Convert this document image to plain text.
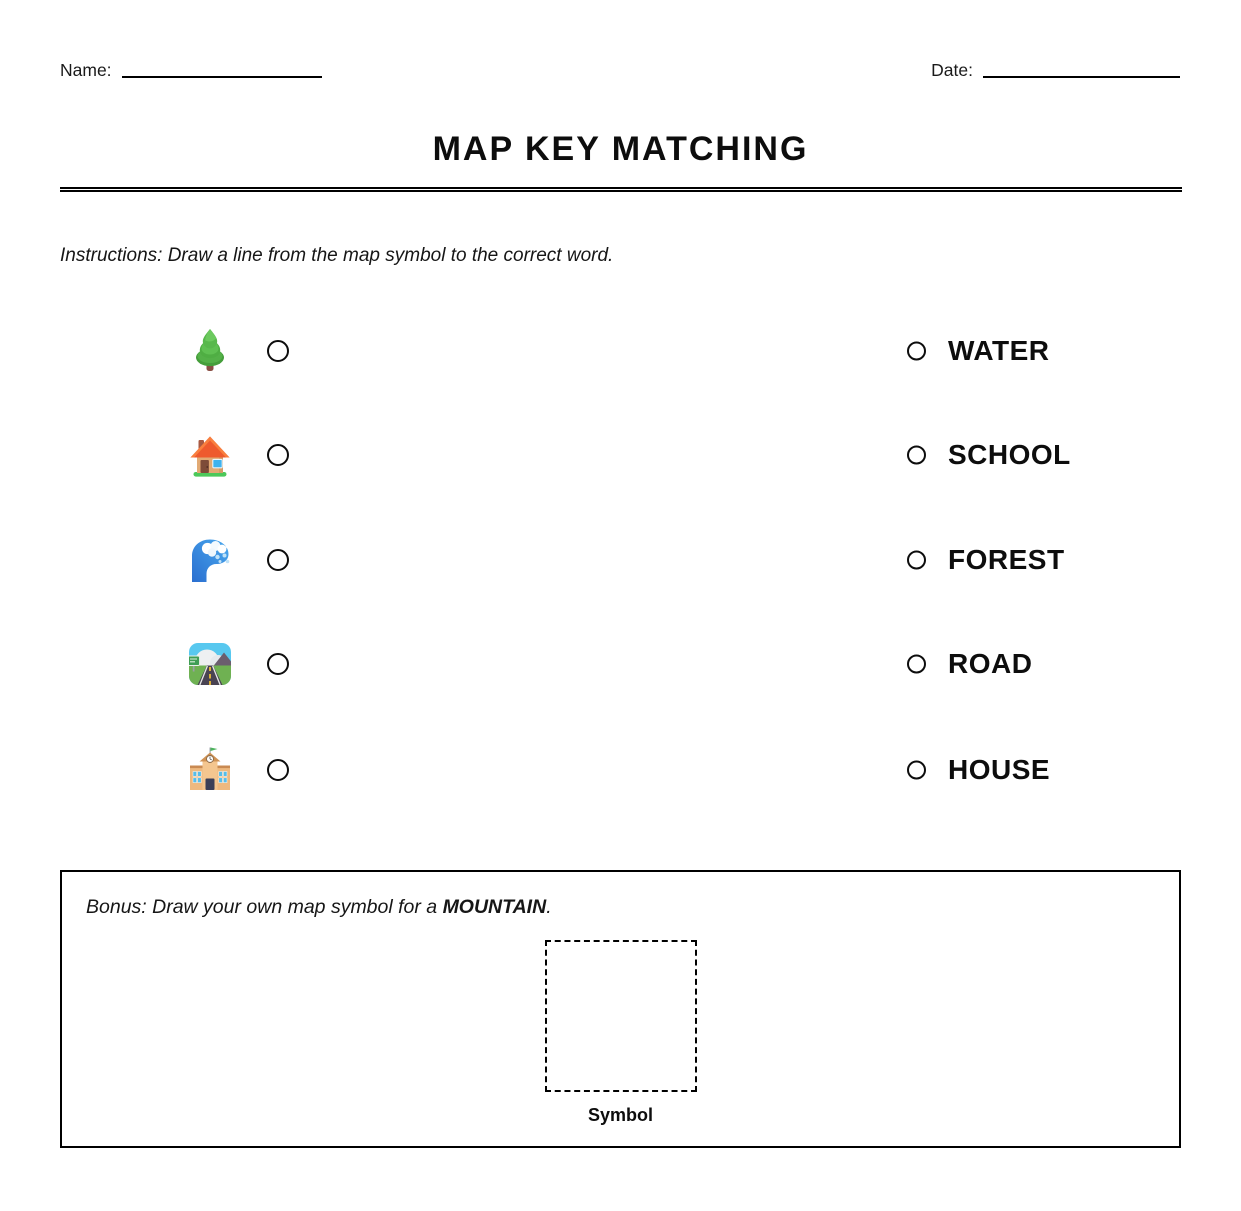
Name:	Date:
MAP KEY MATCHING
Instructions: Draw a line from the map symbol to the correct word.
WATER
SCHOOL
FOREST
ROAD
HOUSE
Bonus: Draw your own map symbol for a MOUNTAIN.
Symbol
